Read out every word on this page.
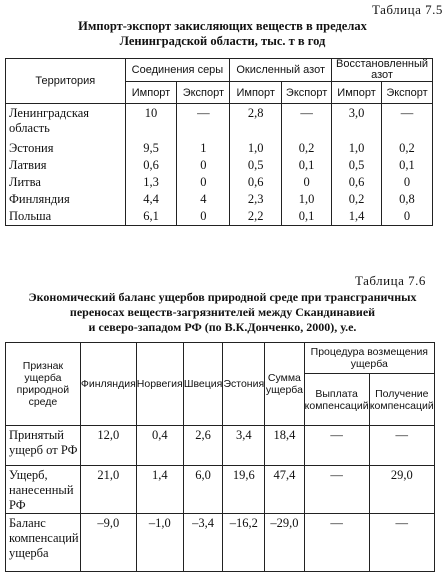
Таблица 7.5
Импорт-экспорт закисляющих веществ в пределах
Ленинградской области, тыс. т в год
Территория	Соединения серы		Окисленный азот		Восстановленный азот	
	Импорт	Экспорт	Импорт	Экспорт	Импорт	Экспорт
Ленинградская область	10	—	2,8	—	3,0	—
Эстония	9,5	1	1,0	0,2	1,0	0,2
Латвия	0,6	0	0,5	0,1	0,5	0,1
Литва	1,3	0	0,6	0	0,6	0
Финляндия	4,4	4	2,3	1,0	0,2	0,8
Польша	6,1	0	2,2	0,1	1,4	0
Таблица 7.6
Экономический баланс ущербов природной среде при трансграничных
переносах веществ-загрязнителей между Скандинавией
и северо-западом РФ (по В.К.Донченко, 2000), у.е.
Признак ущерба природной среде	Финляндия	Норвегия	Швеция	Эстония	Сумма ущерба	Процедура возмещения ущерба	
						Выплата компенсаций	Получение компенсаций
Принятый ущерб от РФ	12,0	0,4	2,6	3,4	18,4	—	—
Ущерб, нанесенный РФ	21,0	1,4	6,0	19,6	47,4	—	29,0
Баланс компенсаций ущерба	–9,0	–1,0	–3,4	–16,2	–29,0	—	—
